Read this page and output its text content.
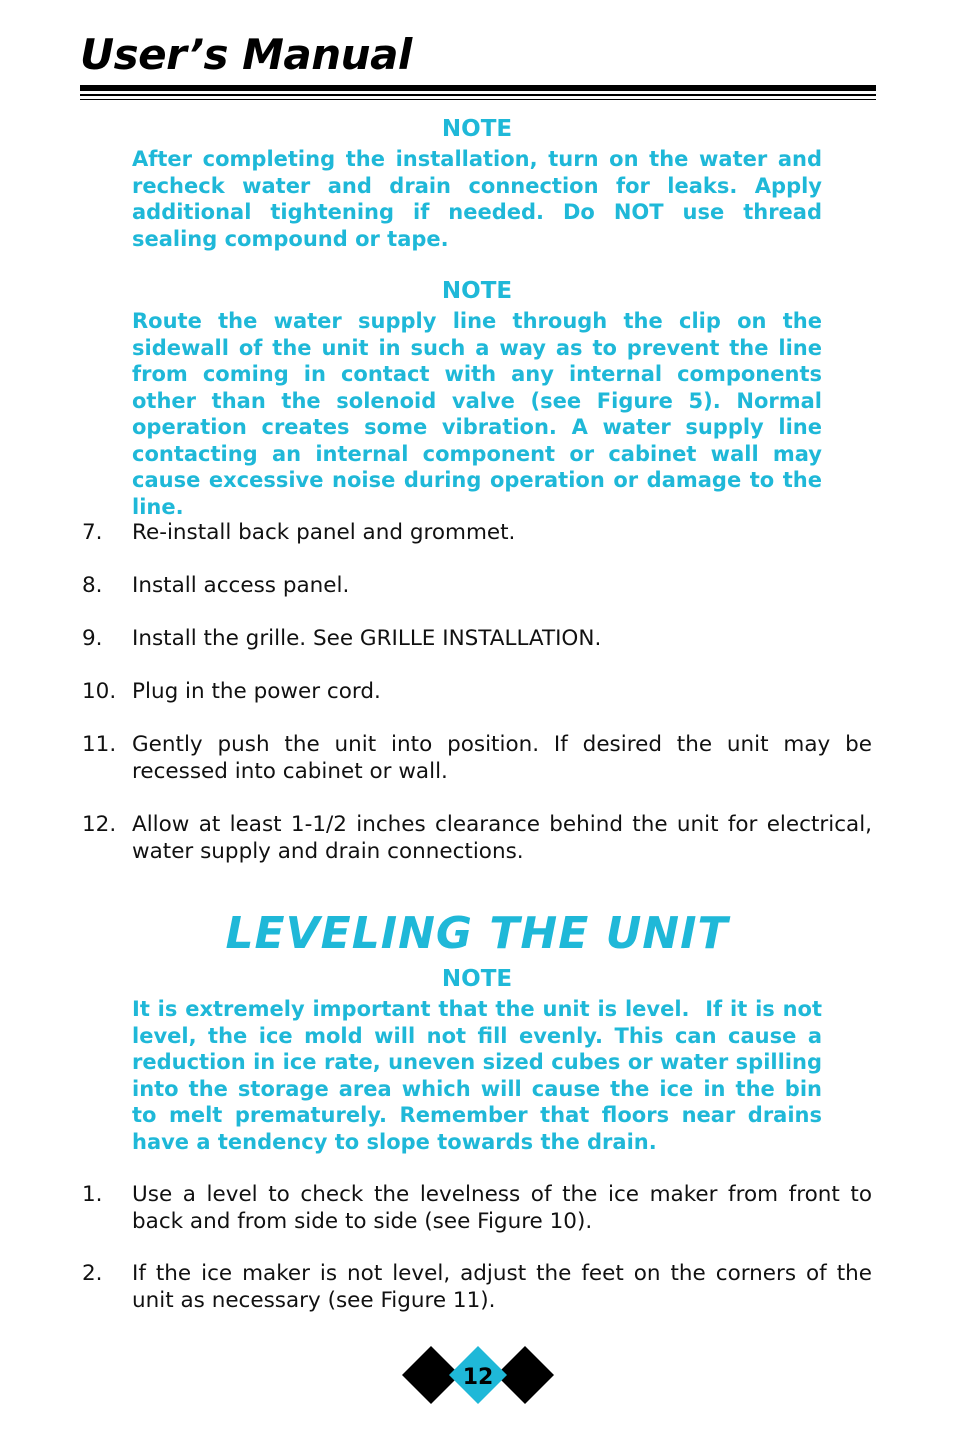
User’s Manual
NOTE

After completing the installation, turn on the water and recheck water and drain connection for leaks. Apply additional tightening if needed. Do NOT use thread sealing compound or tape.

NOTE

Route the water supply line through the clip on the sidewall of the unit in such a way as to prevent the line from coming in contact with any internal components other than the solenoid valve (see Figure 5). Normal operation creates some vibration. A water supply line contacting an internal component or cabinet wall may cause excessive noise during operation or damage to the line.

7.	Re-install back panel and grommet.
8.	Install access panel.
9.	Install the grille. See GRILLE INSTALLATION.
10. Plug in the power cord.
11. Gently push the unit into position. If desired the unit may be recessed into cabinet or wall.
12. Allow at least 1-1/2 inches clearance behind the unit for electrical, water supply and drain connections.
LEVELING THE UNIT
NOTE

It is extremely important that the unit is level. If it is not level, the ice mold will not fill evenly. This can cause a reduction in ice rate, uneven sized cubes or water spilling into the storage area which will cause the ice in the bin to melt prematurely. Remember that floors near drains have a tendency to slope towards the drain.

1.	Use a level to check the levelness of the ice maker from front to back and from side to side (see Figure 10).
2.	If the ice maker is not level, adjust the feet on the corners of the unit as necessary (see Figure 11).
12
